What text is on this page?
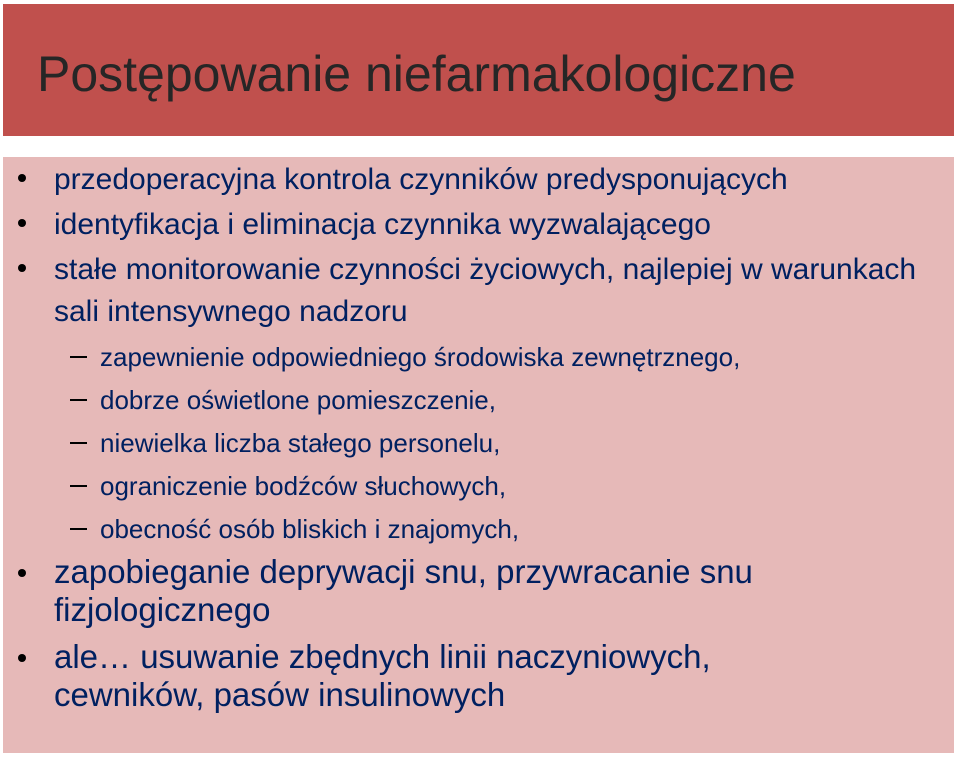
Postępowanie niefarmakologiczne
przedoperacyjna kontrola czynników predysponujących
identyfikacja i eliminacja czynnika wyzwalającego
stałe monitorowanie czynności życiowych, najlepiej w warunkach sali intensywnego nadzoru
zapewnienie odpowiedniego środowiska zewnętrznego,
dobrze oświetlone pomieszczenie,
niewielka liczba stałego personelu,
ograniczenie bodźców słuchowych,
obecność osób bliskich i znajomych,
zapobieganie deprywacji snu, przywracanie snu fizjologicznego
ale… usuwanie zbędnych linii naczyniowych, cewników, pasów insulinowych
